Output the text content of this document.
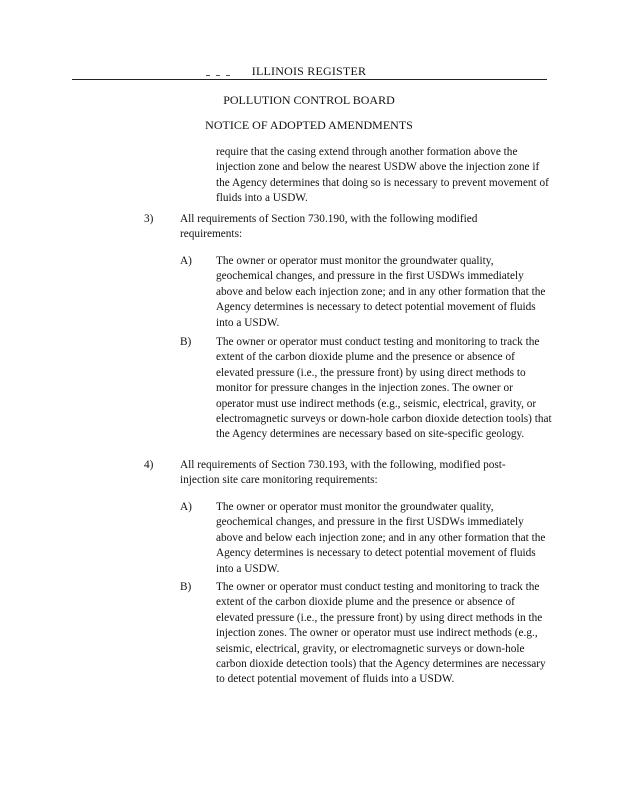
ILLINOIS REGISTER
POLLUTION CONTROL BOARD
NOTICE OF ADOPTED AMENDMENTS

require that the casing extend through another formation above the injection zone and below the nearest USDW above the injection zone if the Agency determines that doing so is necessary to prevent movement of fluids into a USDW.

3) All requirements of Section 730.190, with the following modified requirements:

A) The owner or operator must monitor the groundwater quality, geochemical changes, and pressure in the first USDWs immediately above and below each injection zone; and in any other formation that the Agency determines is necessary to detect potential movement of fluids into a USDW.

B) The owner or operator must conduct testing and monitoring to track the extent of the carbon dioxide plume and the presence or absence of elevated pressure (i.e., the pressure front) by using direct methods to monitor for pressure changes in the injection zones. The owner or operator must use indirect methods (e.g., seismic, electrical, gravity, or electromagnetic surveys or down-hole carbon dioxide detection tools) that the Agency determines are necessary based on site-specific geology.

4) All requirements of Section 730.193, with the following, modified post-injection site care monitoring requirements:

A) The owner or operator must monitor the groundwater quality, geochemical changes, and pressure in the first USDWs immediately above and below each injection zone; and in any other formation that the Agency determines is necessary to detect potential movement of fluids into a USDW.

B) The owner or operator must conduct testing and monitoring to track the extent of the carbon dioxide plume and the presence or absence of elevated pressure (i.e., the pressure front) by using direct methods in the injection zones. The owner or operator must use indirect methods (e.g., seismic, electrical, gravity, or electromagnetic surveys or down-hole carbon dioxide detection tools) that the Agency determines are necessary to detect potential movement of fluids into a USDW.
